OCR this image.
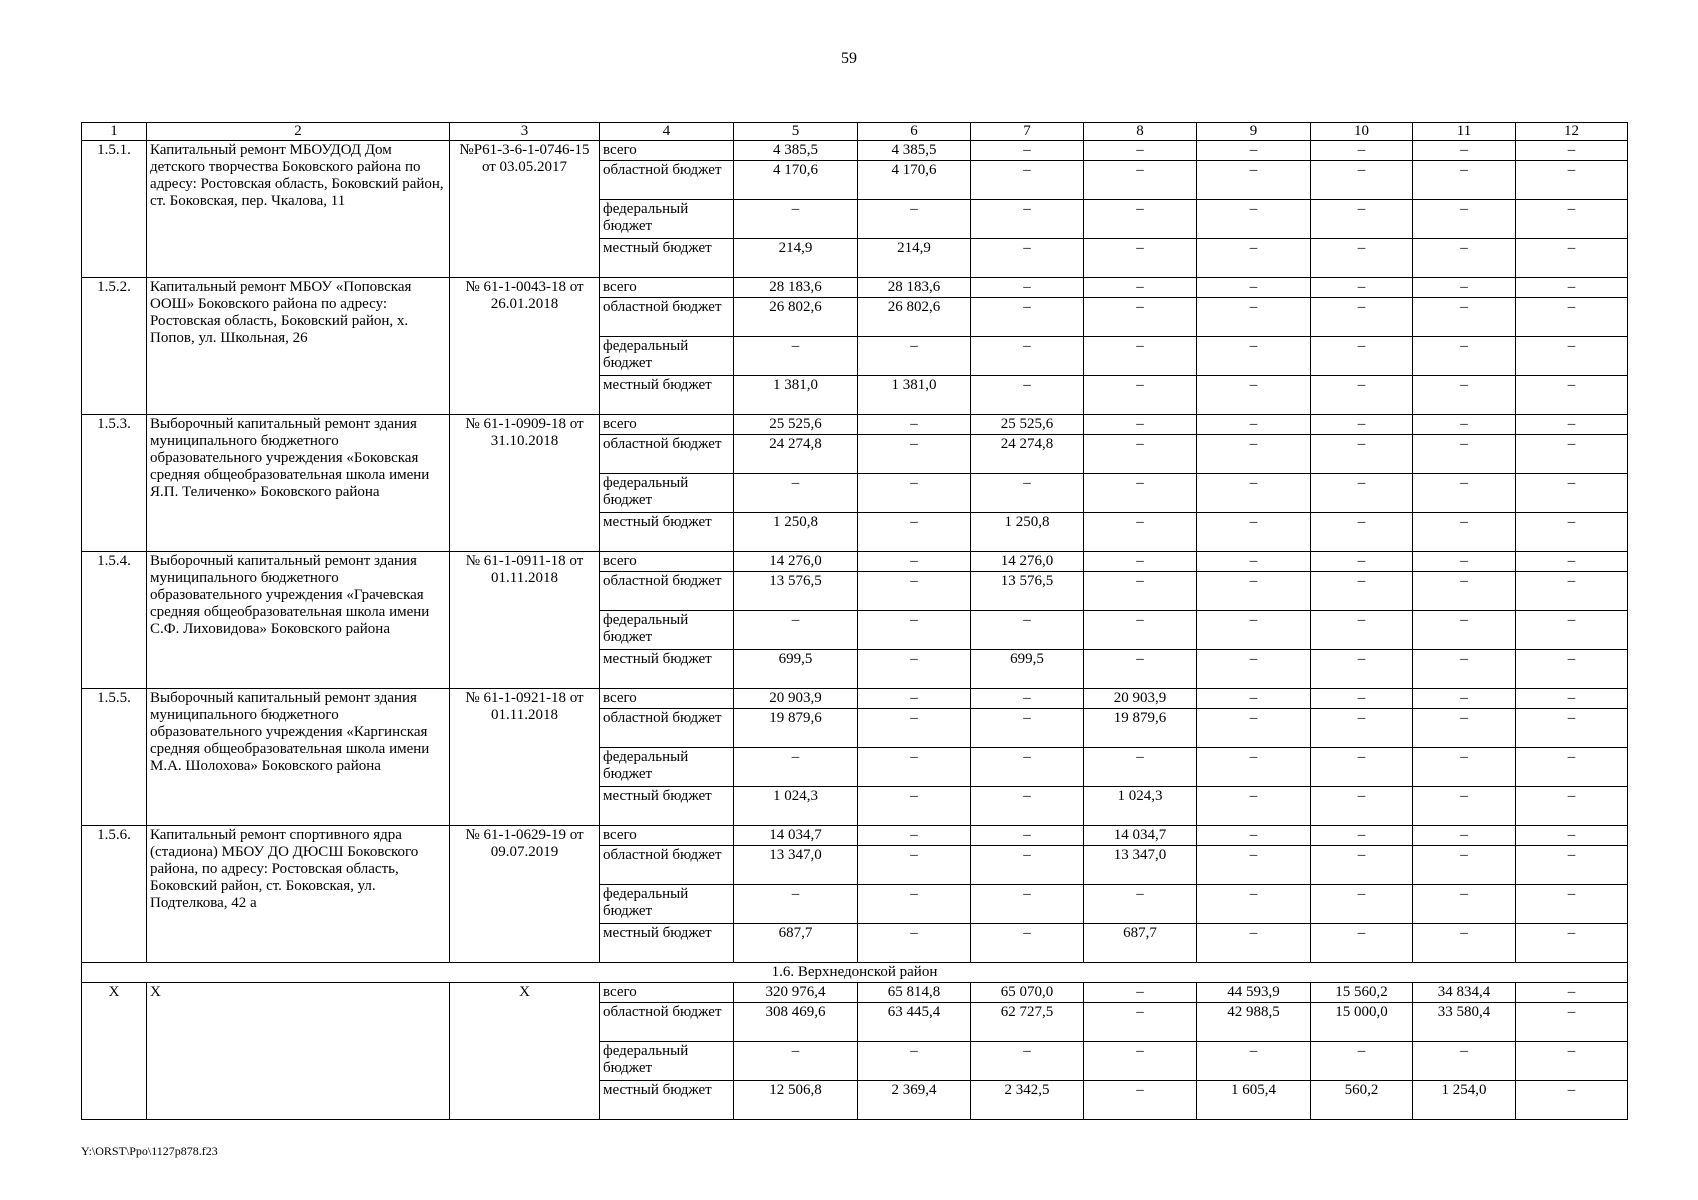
59
1	2	3	4	5	6	7	8	9	10	11	12
1.5.1.	Капитальный ремонт МБОУДОД Дом детского творчества Боковского района по адресу: Ростовская область, Боковский район, ст. Боковская, пер. Чкалова, 11	№Р61-3-6-1-0746-15 от 03.05.2017	всего	4 385,5	4 385,5	–	–	–	–	–	–
			областной бюджет	4 170,6	4 170,6	–	–	–	–	–	–
			федеральный бюджет	–	–	–	–	–	–	–	–
			местный бюджет	214,9	214,9	–	–	–	–	–	–
1.5.2.	Капитальный ремонт МБОУ «Поповская ООШ» Боковского района по адресу: Ростовская область, Боковский район, х. Попов, ул. Школьная, 26	№ 61-1-0043-18 от 26.01.2018	всего	28 183,6	28 183,6	–	–	–	–	–	–
			областной бюджет	26 802,6	26 802,6	–	–	–	–	–	–
			федеральный бюджет	–	–	–	–	–	–	–	–
			местный бюджет	1 381,0	1 381,0	–	–	–	–	–	–
1.5.3.	Выборочный капитальный ремонт здания муниципального бюджетного образовательного учреждения «Боковская средняя общеобразовательная школа имени Я.П. Теличенко» Боковского района	№ 61-1-0909-18 от 31.10.2018	всего	25 525,6	–	25 525,6	–	–	–	–	–
			областной бюджет	24 274,8	–	24 274,8	–	–	–	–	–
			федеральный бюджет	–	–	–	–	–	–	–	–
			местный бюджет	1 250,8	–	1 250,8	–	–	–	–	–
1.5.4.	Выборочный капитальный ремонт здания муниципального бюджетного образовательного учреждения «Грачевская средняя общеобразовательная школа имени С.Ф. Лиховидова» Боковского района	№ 61-1-0911-18 от 01.11.2018	всего	14 276,0	–	14 276,0	–	–	–	–	–
			областной бюджет	13 576,5	–	13 576,5	–	–	–	–	–
			федеральный бюджет	–	–	–	–	–	–	–	–
			местный бюджет	699,5	–	699,5	–	–	–	–	–
1.5.5.	Выборочный капитальный ремонт здания муниципального бюджетного образовательного учреждения «Каргинская средняя общеобразовательная школа имени М.А. Шолохова» Боковского района	№ 61-1-0921-18 от 01.11.2018	всего	20 903,9	–	–	20 903,9	–	–	–	–
			областной бюджет	19 879,6	–	–	19 879,6	–	–	–	–
			федеральный бюджет	–	–	–	–	–	–	–	–
			местный бюджет	1 024,3	–	–	1 024,3	–	–	–	–
1.5.6.	Капитальный ремонт спортивного ядра (стадиона) МБОУ ДО ДЮСШ Боковского района, по адресу: Ростовская область, Боковский район, ст. Боковская, ул. Подтелкова, 42 а	№ 61-1-0629-19 от 09.07.2019	всего	14 034,7	–	–	14 034,7	–	–	–	–
			областной бюджет	13 347,0	–	–	13 347,0	–	–	–	–
			федеральный бюджет	–	–	–	–	–	–	–	–
			местный бюджет	687,7	–	–	687,7	–	–	–	–
1.6. Верхнедонской район											
X	X	X	всего	320 976,4	65 814,8	65 070,0	–	44 593,9	15 560,2	34 834,4	–
			областной бюджет	308 469,6	63 445,4	62 727,5	–	42 988,5	15 000,0	33 580,4	–
			федеральный бюджет	–	–	–	–	–	–	–	–
			местный бюджет	12 506,8	2 369,4	2 342,5	–	1 605,4	560,2	1 254,0	–
Y:\ORST\Ppo\1127p878.f23
